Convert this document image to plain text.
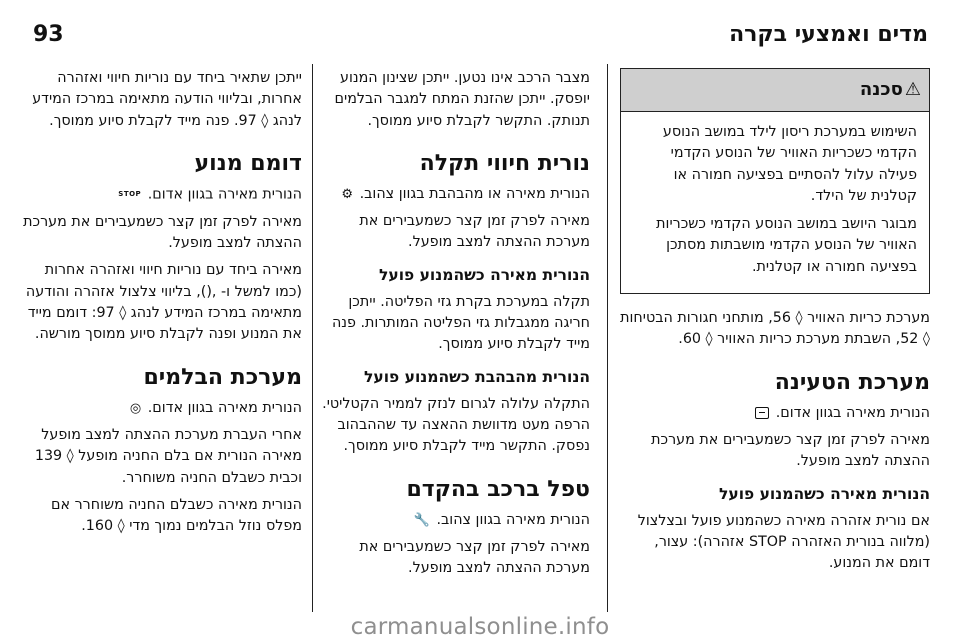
93	מדים ואמצעי בקרה
⚠
סכנה

השימוש במערכת ריסון לילד במושב הנוסע הקדמי כשכריות האוויר של הנוסע הקדמי פעילה עלול להסתיים בפציעה חמורה או קטלנית של הילד.

מבוגר היושב במושב הנוסע הקדמי כשכריות האוויר של הנוסע הקדמי מושבתות מסתכן בפציעה חמורה או קטלנית.

מערכת כריות האוויר ◊ 56, מותחני חגורות הבטיחות ◊ 52, השבתת מערכת כריות האוויר ◊ 60.

מערכת הטעינה

הנורית מאירה בגוון אדום.

מאירה לפרק זמן קצר כשמעבירים את מערכת ההצתה למצב מופעל.

הנורית מאירה כשהמנוע פועל

אם נורית אזהרה מאירה כשהמנוע פועל ובצלצול (מלווה בנורית האזהרה STOP אזהרה): עצור, דומם את המנוע.

מצבר הרכב אינו נטען. ייתכן שצינון המנוע יופסק. ייתכן שהזנת המתח למגבר הבלמים תנותק. התקשר לקבלת סיוע ממוסך.

נורית חיווי תקלה

הנורית מאירה או מהבהבת בגוון צהוב. ⚙

מאירה לפרק זמן קצר כשמעבירים את מערכת ההצתה למצב מופעל.

הנורית מאירה כשהמנוע פועל

תקלה במערכת בקרת גזי הפליטה. ייתכן חריגה ממגבלות גזי הפליטה המותרות. פנה מייד לקבלת סיוע ממוסך.

הנורית מהבהבת כשהמנוע פועל

התקלה עלולה לגרום לנזק לממיר הקטליטי. הרפה מעט מדוושת ההאצה עד שההבהוב נפסק. התקשר מייד לקבלת סיוע ממוסך.

טפל ברכב בהקדם

הנורית מאירה בגוון צהוב. 🔧

מאירה לפרק זמן קצר כשמעבירים את מערכת ההצתה למצב מופעל.

ייתכן שתאיר ביחד עם נוריות חיווי ואזהרה אחרות, ובליווי הודעה מתאימה במרכז המידע לנהג ◊ 97. פנה מייד לקבלת סיוע ממוסך.

דומם מנוע

הנורית מאירה בגוון אדום. STOP

מאירה לפרק זמן קצר כשמעבירים את מערכת ההצתה למצב מופעל.

מאירה ביחד עם נוריות חיווי ואזהרה אחרות (כמו למשל ו- ,(), בליווי צלצול אזהרה והודעה מתאימה במרכז המידע לנהג ◊ 97: דומם מייד את המנוע ופנה לקבלת סיוע ממוסך מורשה.

מערכת הבלמים

הנורית מאירה בגוון אדום. ◎

אחרי העברת מערכת ההצתה למצב מופעל מאירה הנורית אם בלם החניה מופעל ◊ 139 וכבית כשבלם החניה משוחרר.

הנורית מאירה כשבלם החניה משוחרר אם מפלס נוזל הבלמים נמוך מדי ◊ 160.

carmanualsonline.info
